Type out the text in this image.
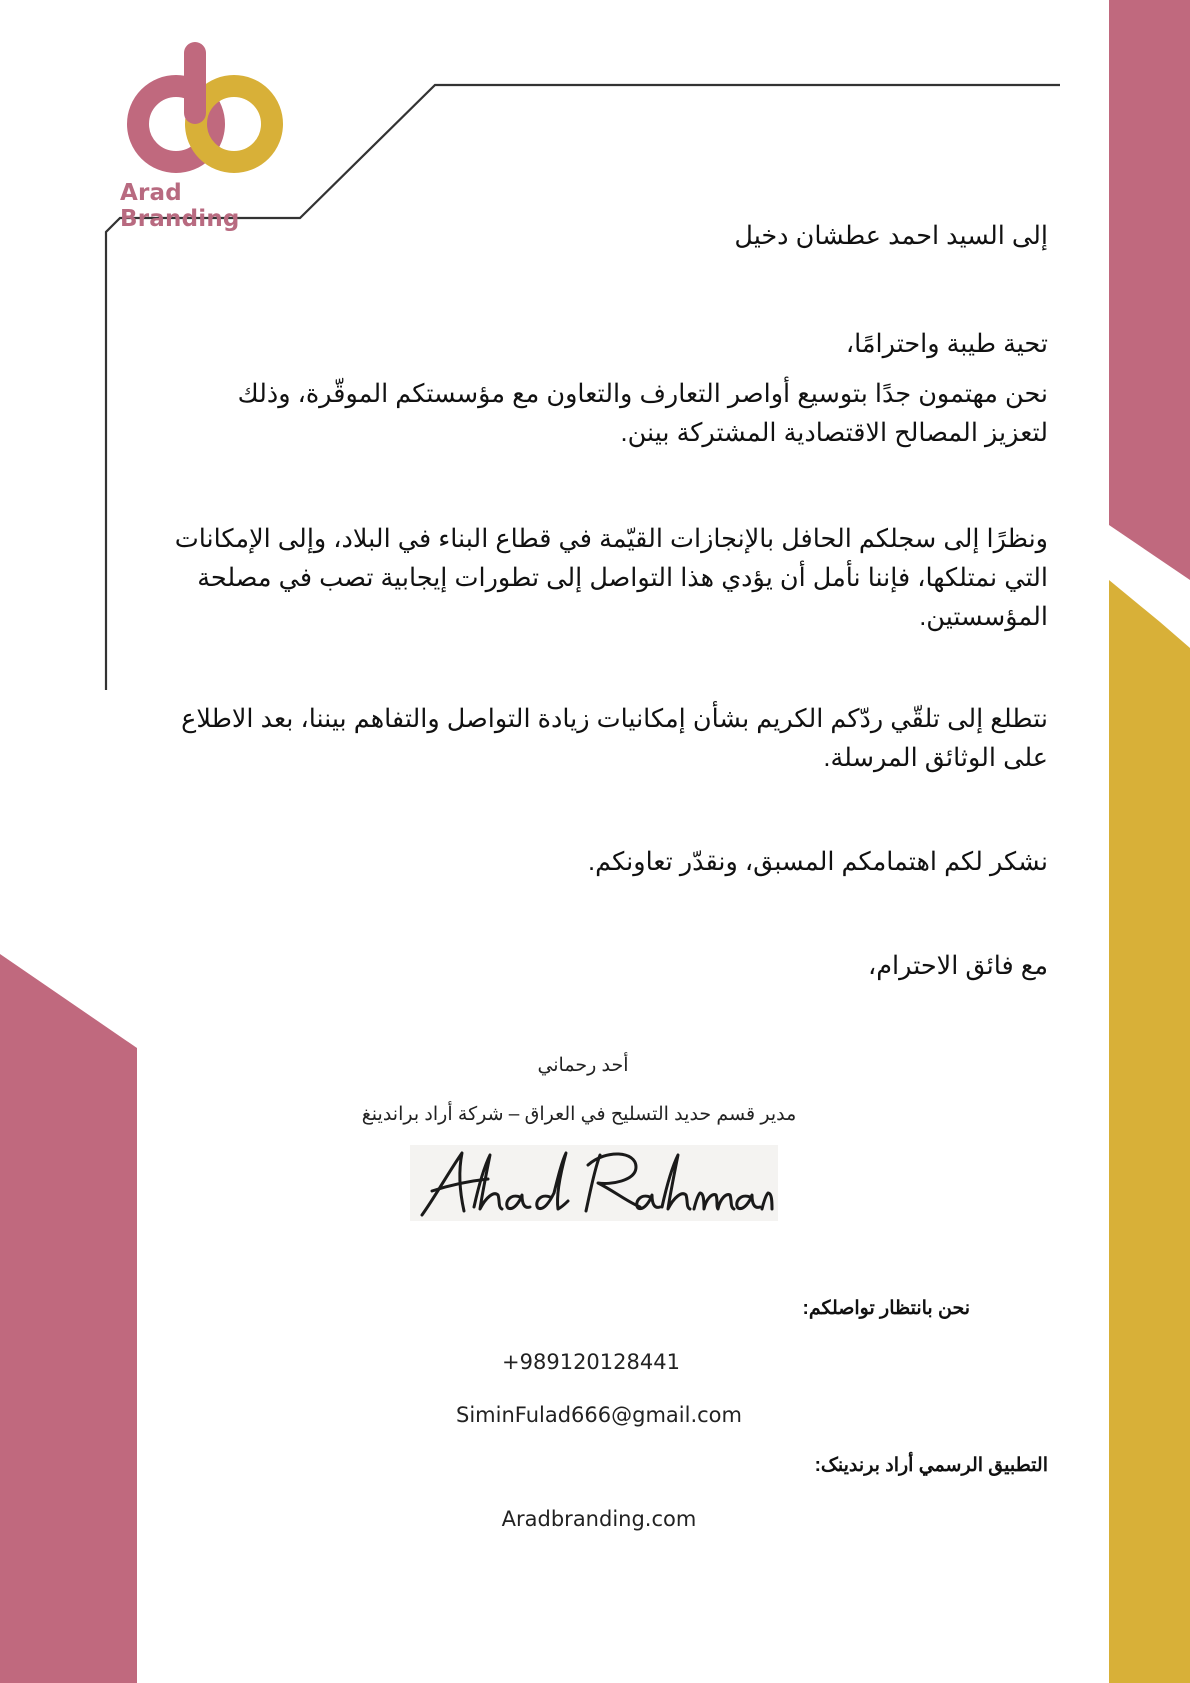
Arad Branding
إلى السيد احمد عطشان دخيل
تحية طيبة واحترامًا،
نحن مهتمون جدًا بتوسيع أواصر التعارف والتعاون مع مؤسستكم الموقّرة، وذلك لتعزيز المصالح الاقتصادية المشتركة بينن.
ونظرًا إلى سجلكم الحافل بالإنجازات القيّمة في قطاع البناء في البلاد، وإلى الإمكانات التي نمتلكها، فإننا نأمل أن يؤدي هذا التواصل إلى تطورات إيجابية تصب في مصلحة المؤسستين.
نتطلع إلى تلقّي ردّكم الكريم بشأن إمكانيات زيادة التواصل والتفاهم بيننا، بعد الاطلاع على الوثائق المرسلة.
نشكر لكم اهتمامكم المسبق، ونقدّر تعاونكم.
مع فائق الاحترام،
أحد رحماني
مدير قسم حديد التسليح في العراق – شركة أراد براندينغ
نحن بانتظار تواصلكم:
+989120128441
SiminFulad666@gmail.com
التطبيق الرسمي أراد برندينک:
Aradbranding.com
